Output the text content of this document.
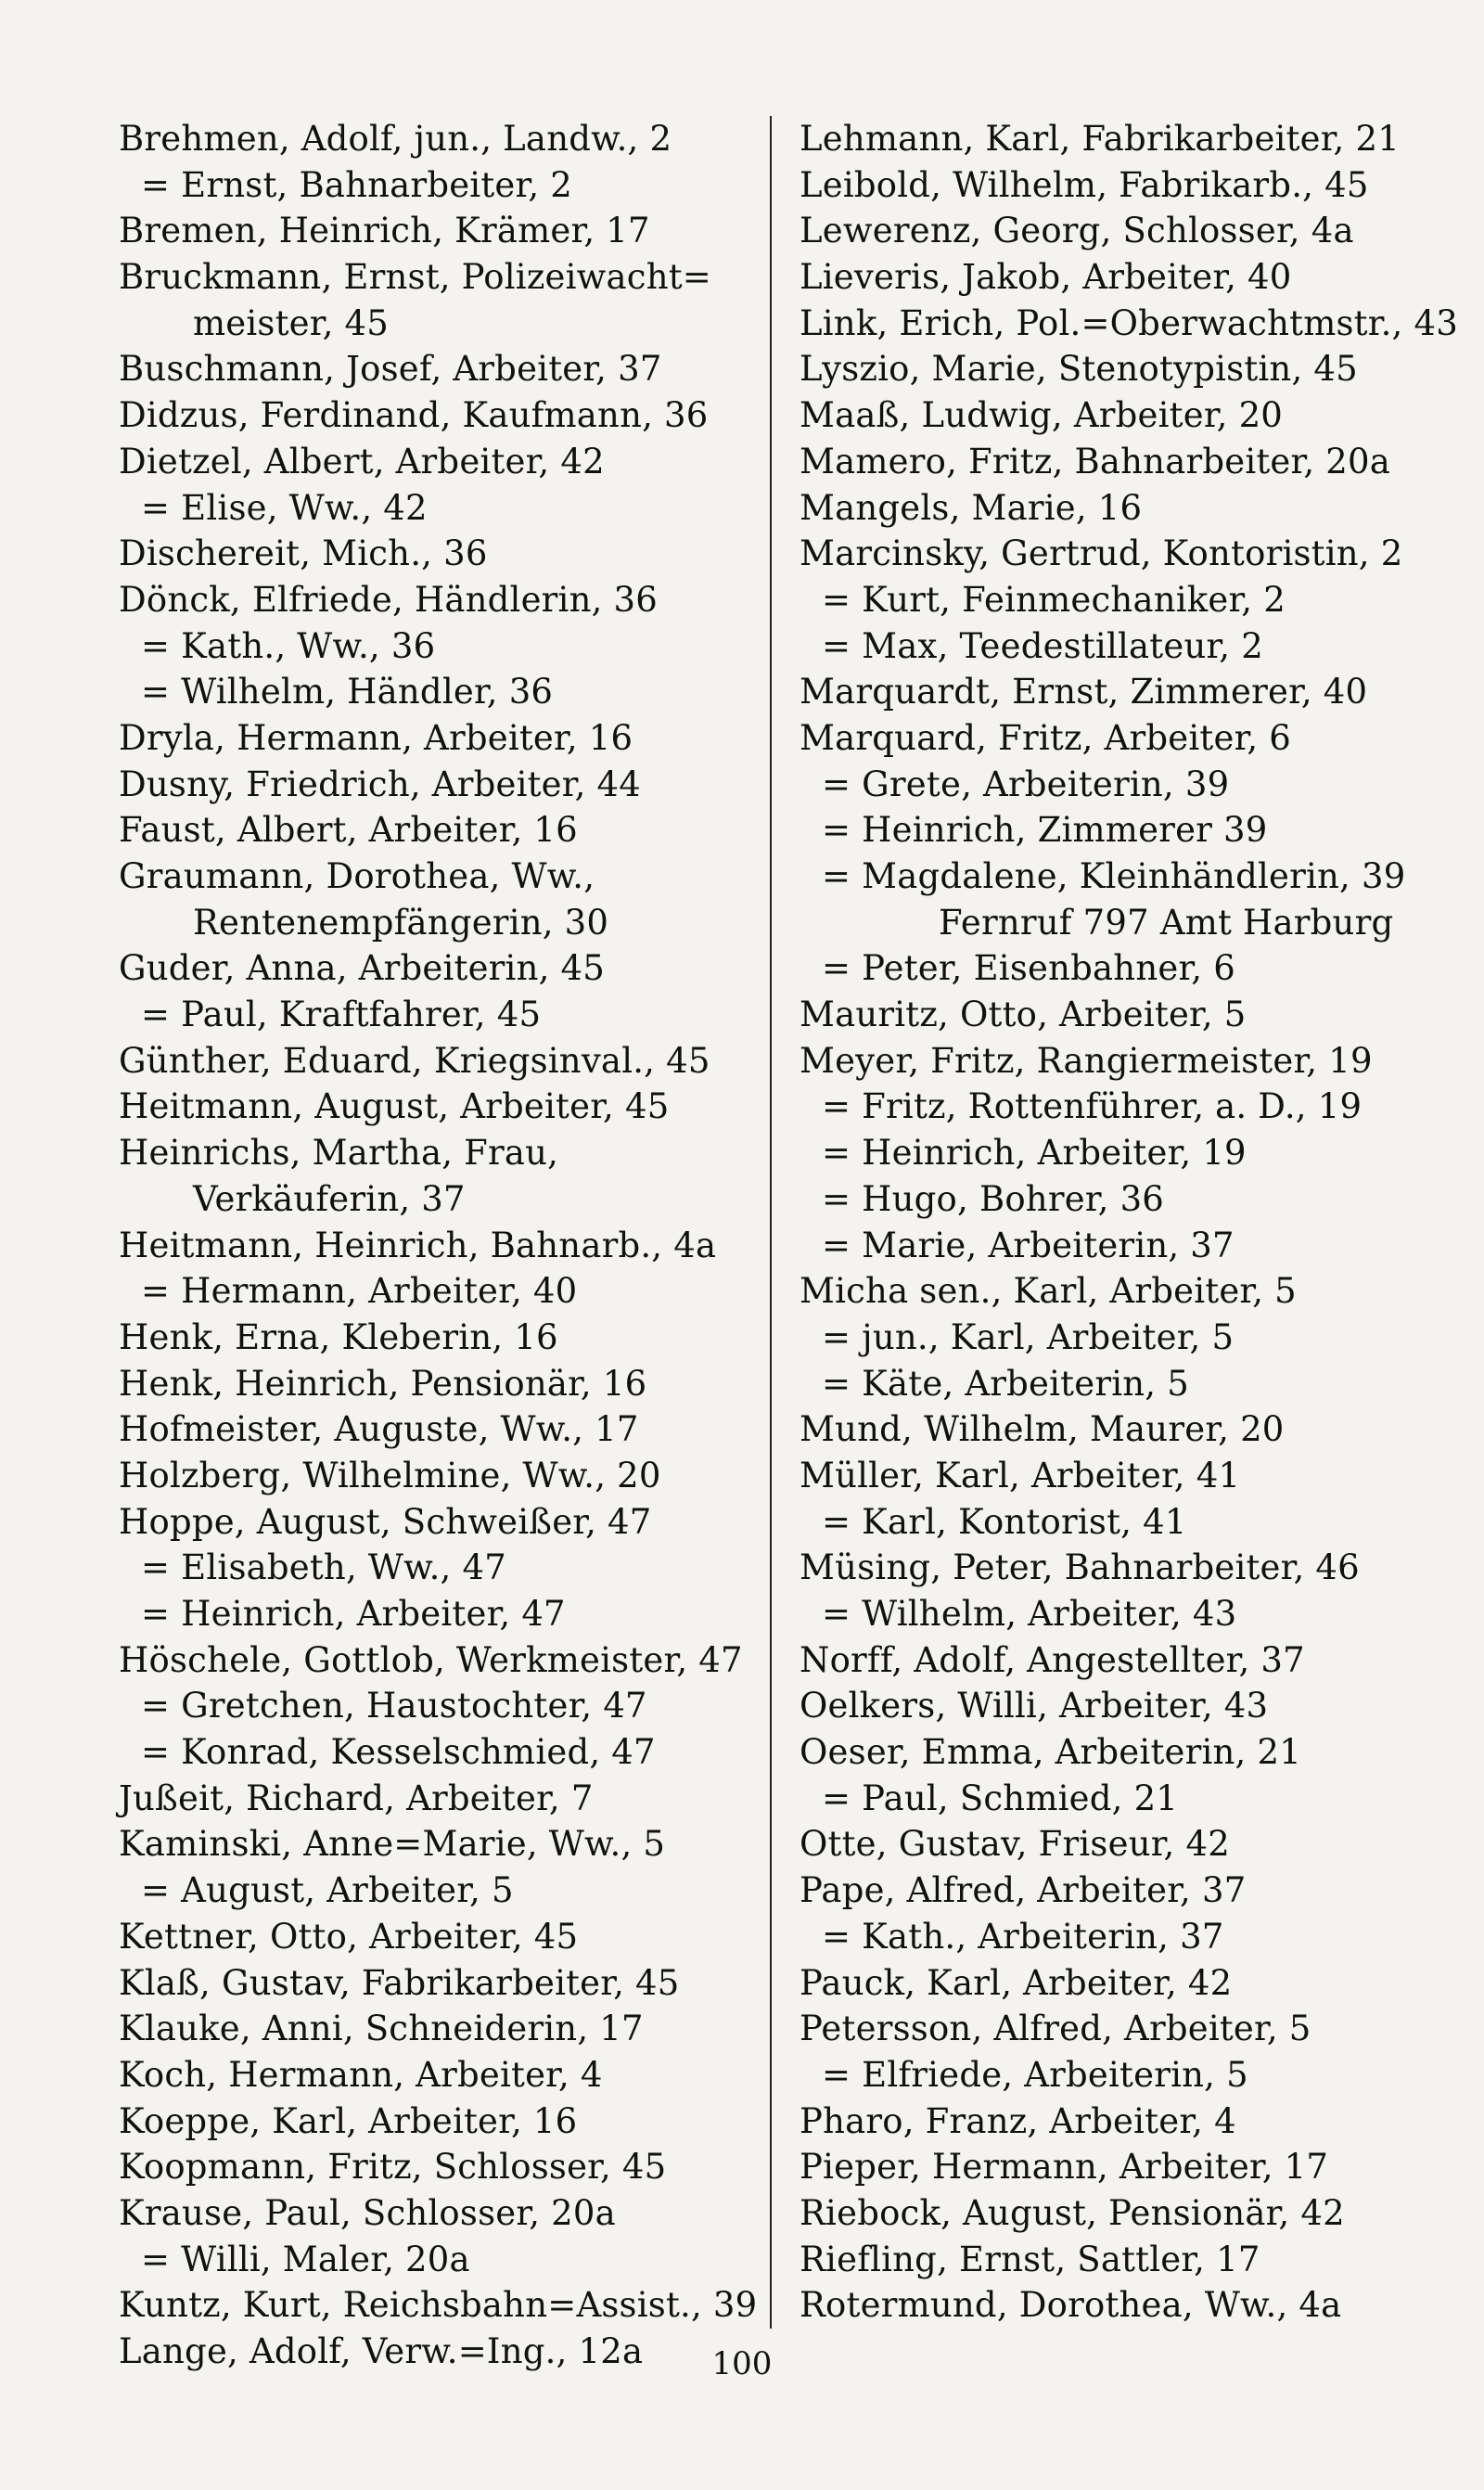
Brehmen, Adolf, jun., Landw., 2
= Ernst, Bahnarbeiter, 2
Bremen, Heinrich, Krämer, 17
Bruckmann, Ernst, Polizeiwacht=
meister, 45
Buschmann, Josef, Arbeiter, 37
Didzus, Ferdinand, Kaufmann, 36
Dietzel, Albert, Arbeiter, 42
= Elise, Ww., 42
Dischereit, Mich., 36
Dönck, Elfriede, Händlerin, 36
= Kath., Ww., 36
= Wilhelm, Händler, 36
Dryla, Hermann, Arbeiter, 16
Dusny, Friedrich, Arbeiter, 44
Faust, Albert, Arbeiter, 16
Graumann, Dorothea, Ww.,
Rentenempfängerin, 30
Guder, Anna, Arbeiterin, 45
= Paul, Kraftfahrer, 45
Günther, Eduard, Kriegsinval., 45
Heitmann, August, Arbeiter, 45
Heinrichs, Martha, Frau,
Verkäuferin, 37
Heitmann, Heinrich, Bahnarb., 4a
= Hermann, Arbeiter, 40
Henk, Erna, Kleberin, 16
Henk, Heinrich, Pensionär, 16
Hofmeister, Auguste, Ww., 17
Holzberg, Wilhelmine, Ww., 20
Hoppe, August, Schweißer, 47
= Elisabeth, Ww., 47
= Heinrich, Arbeiter, 47
Höschele, Gottlob, Werkmeister, 47
= Gretchen, Haustochter, 47
= Konrad, Kesselschmied, 47
Jußeit, Richard, Arbeiter, 7
Kaminski, Anne=Marie, Ww., 5
= August, Arbeiter, 5
Kettner, Otto, Arbeiter, 45
Klaß, Gustav, Fabrikarbeiter, 45
Klauke, Anni, Schneiderin, 17
Koch, Hermann, Arbeiter, 4
Koeppe, Karl, Arbeiter, 16
Koopmann, Fritz, Schlosser, 45
Krause, Paul, Schlosser, 20a
= Willi, Maler, 20a
Kuntz, Kurt, Reichsbahn=Assist., 39
Lange, Adolf, Verw.=Ing., 12a
Lehmann, Karl, Fabrikarbeiter, 21
Leibold, Wilhelm, Fabrikarb., 45
Lewerenz, Georg, Schlosser, 4a
Lieveris, Jakob, Arbeiter, 40
Link, Erich, Pol.=Oberwachtmstr., 43
Lyszio, Marie, Stenotypistin, 45
Maaß, Ludwig, Arbeiter, 20
Mamero, Fritz, Bahnarbeiter, 20a
Mangels, Marie, 16
Marcinsky, Gertrud, Kontoristin, 2
= Kurt, Feinmechaniker, 2
= Max, Teedestillateur, 2
Marquardt, Ernst, Zimmerer, 40
Marquard, Fritz, Arbeiter, 6
= Grete, Arbeiterin, 39
= Heinrich, Zimmerer 39
= Magdalene, Kleinhändlerin, 39
Fernruf 797 Amt Harburg
= Peter, Eisenbahner, 6
Mauritz, Otto, Arbeiter, 5
Meyer, Fritz, Rangiermeister, 19
= Fritz, Rottenführer, a. D., 19
= Heinrich, Arbeiter, 19
= Hugo, Bohrer, 36
= Marie, Arbeiterin, 37
Micha sen., Karl, Arbeiter, 5
= jun., Karl, Arbeiter, 5
= Käte, Arbeiterin, 5
Mund, Wilhelm, Maurer, 20
Müller, Karl, Arbeiter, 41
= Karl, Kontorist, 41
Müsing, Peter, Bahnarbeiter, 46
= Wilhelm, Arbeiter, 43
Norff, Adolf, Angestellter, 37
Oelkers, Willi, Arbeiter, 43
Oeser, Emma, Arbeiterin, 21
= Paul, Schmied, 21
Otte, Gustav, Friseur, 42
Pape, Alfred, Arbeiter, 37
= Kath., Arbeiterin, 37
Pauck, Karl, Arbeiter, 42
Petersson, Alfred, Arbeiter, 5
= Elfriede, Arbeiterin, 5
Pharo, Franz, Arbeiter, 4
Pieper, Hermann, Arbeiter, 17
Riebock, August, Pensionär, 42
Riefling, Ernst, Sattler, 17
Rotermund, Dorothea, Ww., 4a
100
